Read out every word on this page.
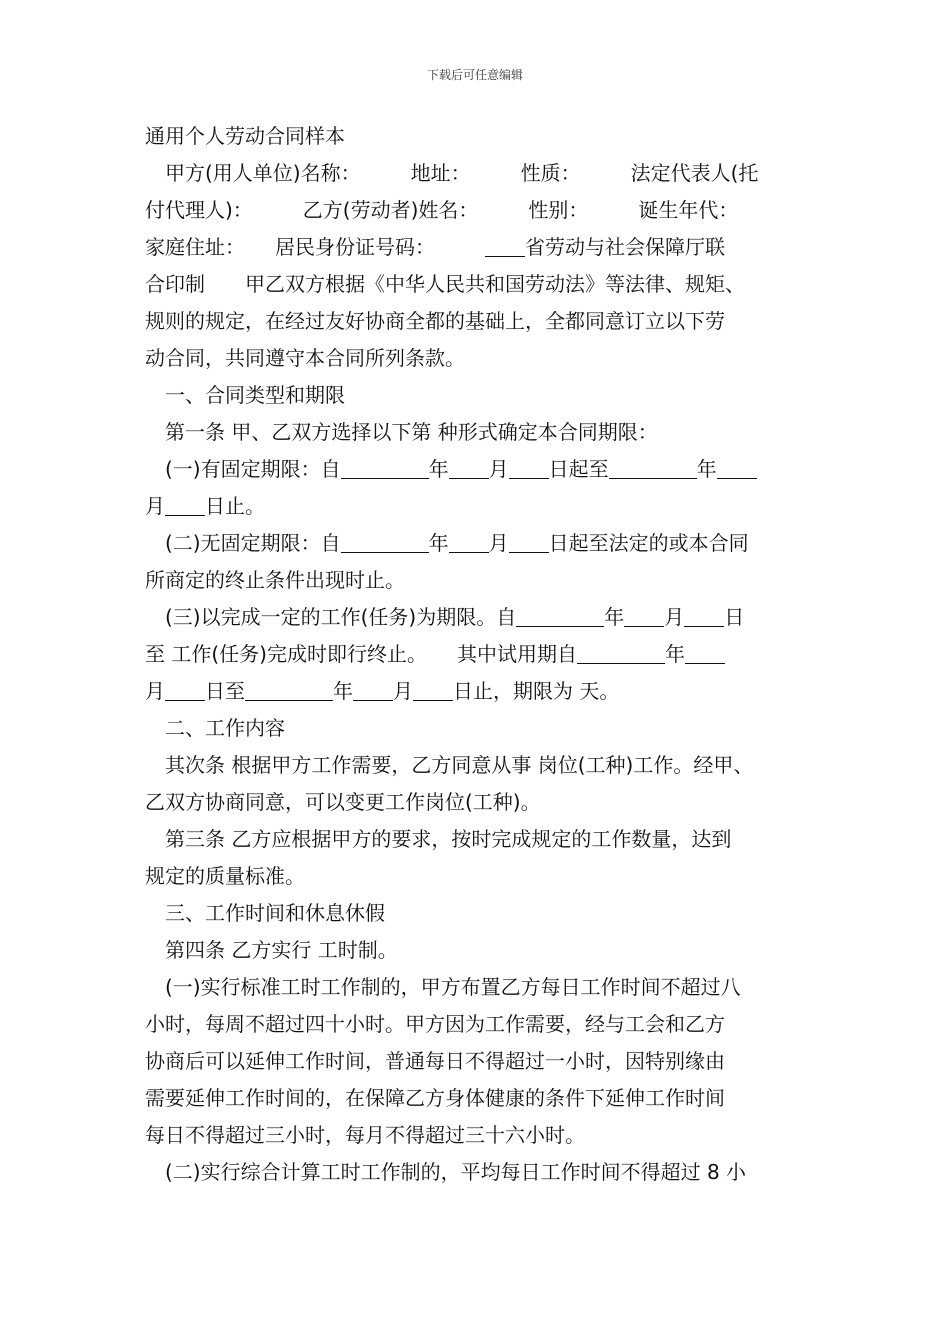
下载后可任意编辑
通用个人劳动合同样本
　甲方(用人单位)名称：　　　地址：　　　性质：　　　法定代表人(托
付代理人)：　　　乙方(劳动者)姓名：　　　性别：　　　诞生年代：
家庭住址：　　居民身份证号码：　　　省劳动与社会保障厅联
合印制　　甲乙双方根据《中华人民共和国劳动法》等法律、规矩、
规则的规定，在经过友好协商全都的基础上，全都同意订立以下劳
动合同，共同遵守本合同所列条款。
　一、合同类型和期限
　第一条 甲、乙双方选择以下第 种形式确定本合同期限：
　(一)有固定期限：自	年 月 日起至	年
月 日止。
　(二)无固定期限：自	年 月 日起至法定的或本合同
所商定的终止条件出现时止。
　(三)以完成一定的工作(任务)为期限。自	年 月 日
至 工作(任务)完成时即行终止。　　其中试用期自	年
月 日至	年 月 日止，期限为 天。
　二、工作内容
　其次条 根据甲方工作需要，乙方同意从事 岗位(工种)工作。经甲、
乙双方协商同意，可以变更工作岗位(工种)。
　第三条 乙方应根据甲方的要求，按时完成规定的工作数量，达到
规定的质量标准。
　三、工作时间和休息休假
　第四条 乙方实行 工时制。
　(一)实行标准工时工作制的，甲方布置乙方每日工作时间不超过八
小时，每周不超过四十小时。甲方因为工作需要，经与工会和乙方
协商后可以延伸工作时间，普通每日不得超过一小时，因特别缘由
需要延伸工作时间的，在保障乙方身体健康的条件下延伸工作时间
每日不得超过三小时，每月不得超过三十六小时。
　(二)实行综合计算工时工作制的，平均每日工作时间不得超过 8 小
